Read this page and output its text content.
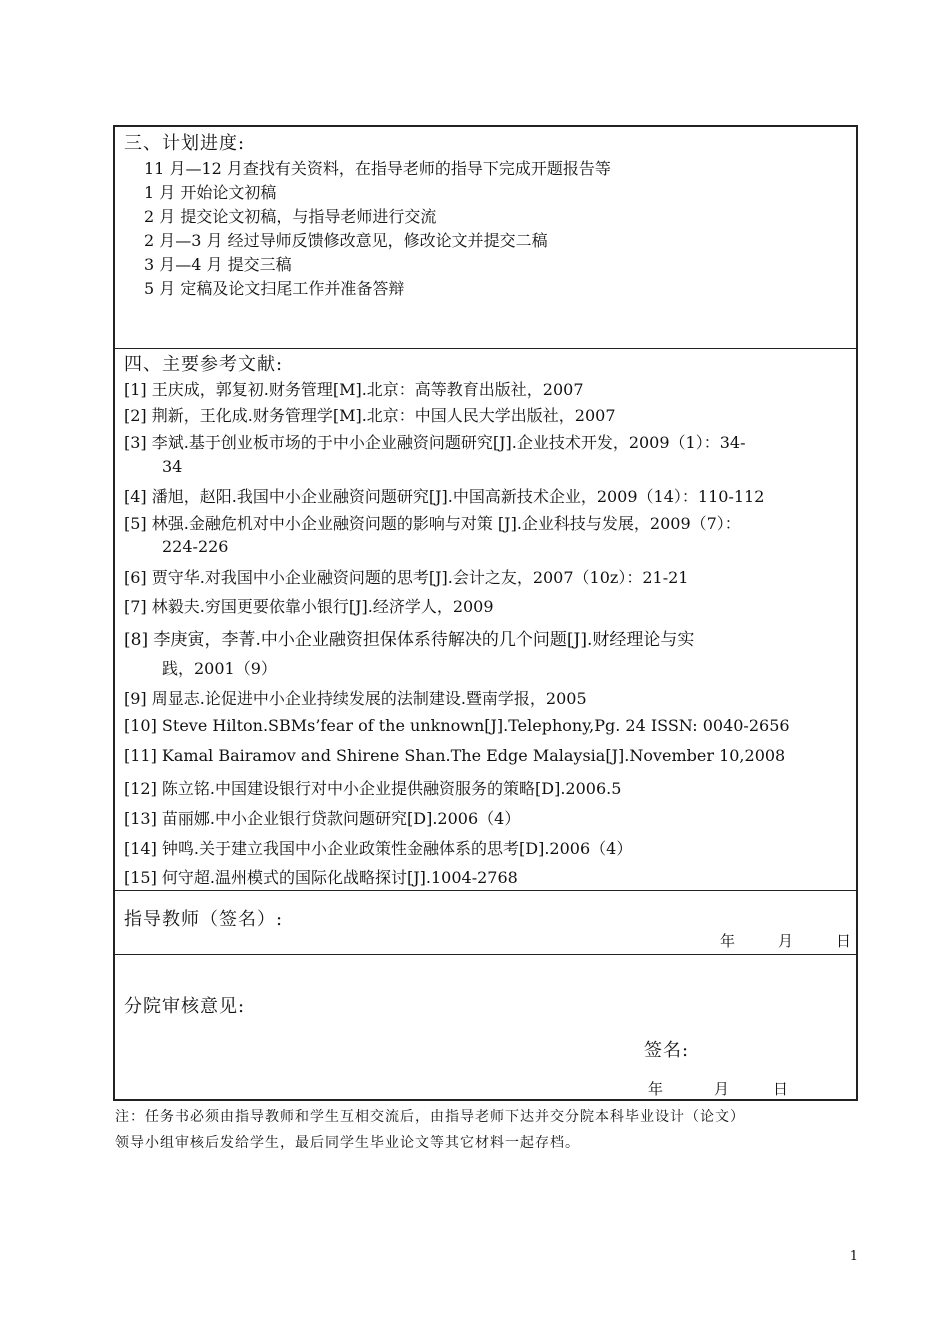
三、计划进度:
11 月—12 月查找有关资料，在指导老师的指导下完成开题报告等
1 月 开始论文初稿
2 月 提交论文初稿，与指导老师进行交流
2 月—3 月 经过导师反馈修改意见，修改论文并提交二稿
3 月—4 月 提交三稿
5 月 定稿及论文扫尾工作并准备答辩
四、主要参考文献:
[1] 王庆成，郭复初.财务管理[M].北京：高等教育出版社，2007
[2] 荆新，王化成.财务管理学[M].北京：中国人民大学出版社，2007
[3] 李斌.基于创业板市场的于中小企业融资问题研究[J].企业技术开发，2009（1）：34-
34
[4] 潘旭，赵阳.我国中小企业融资问题研究[J].中国高新技术企业，2009（14）：110-112
[5] 林强.金融危机对中小企业融资问题的影响与对策 [J].企业科技与发展，2009（7）：
224-226
[6] 贾守华.对我国中小企业融资问题的思考[J].会计之友，2007（10z）：21-21
[7] 林毅夫.穷国更要依靠小银行[J].经济学人，2009
[8] 李庚寅，李菁.中小企业融资担保体系待解决的几个问题[J].财经理论与实
践，2001（9）
[9] 周显志.论促进中小企业持续发展的法制建设.暨南学报，2005
[10] Steve Hilton.SBMs’fear of the unknown[J].Telephony,Pg. 24 ISSN: 0040-2656
[11] Kamal Bairamov and Shirene Shan.The Edge Malaysia[J].November 10,2008
[12] 陈立铭.中国建设银行对中小企业提供融资服务的策略[D].2006.5
[13] 苗丽娜.中小企业银行贷款问题研究[D].2006（4）
[14] 钟鸣.关于建立我国中小企业政策性金融体系的思考[D].2006（4）
[15] 何守超.温州模式的国际化战略探讨[J].1004-2768
指导教师（签名）:
年	月	日
分院审核意见:
签名:
年	月	日
注：任务书必须由指导教师和学生互相交流后，由指导老师下达并交分院本科毕业设计（论文）
领导小组审核后发给学生，最后同学生毕业论文等其它材料一起存档。
1
